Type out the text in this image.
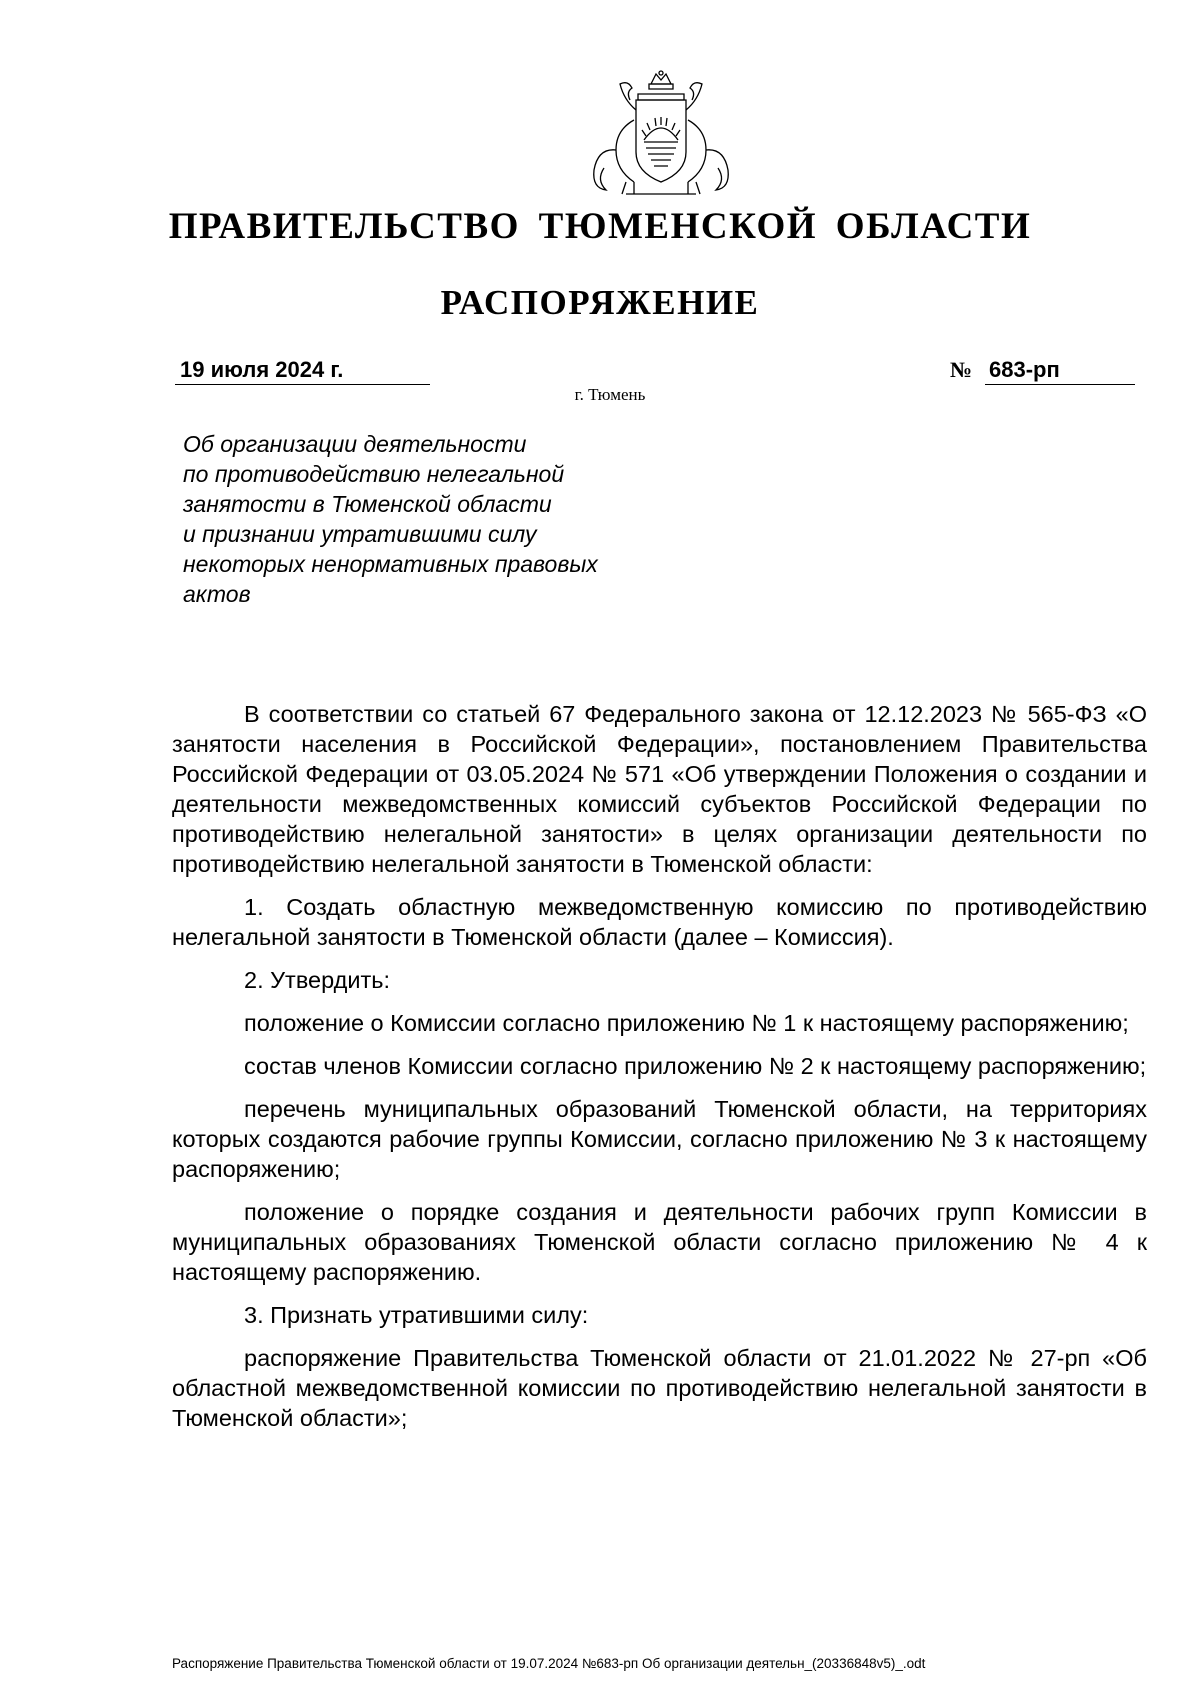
ПРАВИТЕЛЬСТВО ТЮМЕНСКОЙ ОБЛАСТИ
РАСПОРЯЖЕНИЕ
19 июля 2024 г.	№ 683-рп
г. Тюмень
Об организации деятельности
по противодействию нелегальной
занятости в Тюменской области
и признании утратившими силу
некоторых ненормативных правовых
актов

В соответствии со статьей 67 Федерального закона от 12.12.2023 № 565-ФЗ «О занятости населения в Российской Федерации», постановлением Правительства Российской Федерации от 03.05.2024 № 571 «Об утверждении Положения о создании и деятельности межведомственных комиссий субъектов Российской Федерации по противодействию нелегальной занятости» в целях организации деятельности по противодействию нелегальной занятости в Тюменской области:

1. Создать областную межведомственную комиссию по противодействию нелегальной занятости в Тюменской области (далее – Комиссия).

2. Утвердить:

положение о Комиссии согласно приложению № 1 к настоящему распоряжению;

состав членов Комиссии согласно приложению № 2 к настоящему распоряжению;

перечень муниципальных образований Тюменской области, на территориях которых создаются рабочие группы Комиссии, согласно приложению № 3 к настоящему распоряжению;

положение о порядке создания и деятельности рабочих групп Комиссии в муниципальных образованиях Тюменской области согласно приложению № 4 к настоящему распоряжению.

3. Признать утратившими силу:

распоряжение Правительства Тюменской области от 21.01.2022 № 27-рп «Об областной межведомственной комиссии по противодействию нелегальной занятости в Тюменской области»;

Распоряжение Правительства Тюменской области от 19.07.2024 №683-рп Об организации деятельн_(20336848v5)_.odt
